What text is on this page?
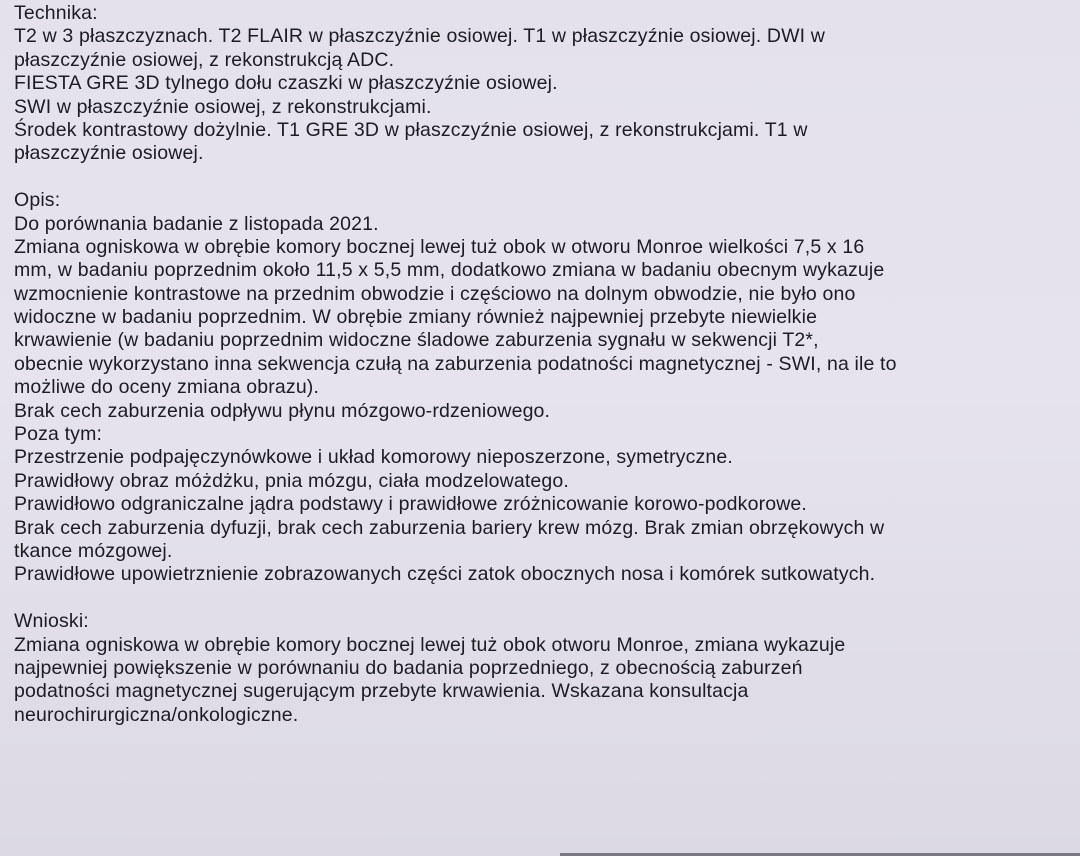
Technika:
T2 w 3 płaszczyznach. T2 FLAIR w płaszczyźnie osiowej. T1 w płaszczyźnie osiowej. DWI w
płaszczyźnie osiowej, z rekonstrukcją ADC.
FIESTA GRE 3D tylnego dołu czaszki w płaszczyźnie osiowej.
SWI w płaszczyźnie osiowej, z rekonstrukcjami.
Środek kontrastowy dożylnie. T1 GRE 3D w płaszczyźnie osiowej, z rekonstrukcjami. T1 w
płaszczyźnie osiowej.
Opis:
Do porównania badanie z listopada 2021.
Zmiana ogniskowa w obrębie komory bocznej lewej tuż obok w otworu Monroe wielkości 7,5 x 16
mm, w badaniu poprzednim około 11,5 x 5,5 mm, dodatkowo zmiana w badaniu obecnym wykazuje
wzmocnienie kontrastowe na przednim obwodzie i częściowo na dolnym obwodzie, nie było ono
widoczne w badaniu poprzednim. W obrębie zmiany również najpewniej przebyte niewielkie
krwawienie (w badaniu poprzednim widoczne śladowe zaburzenia sygnału w sekwencji T2*,
obecnie wykorzystano inna sekwencja czułą na zaburzenia podatności magnetycznej - SWI, na ile to
możliwe do oceny zmiana obrazu).
Brak cech zaburzenia odpływu płynu mózgowo-rdzeniowego.
Poza tym:
Przestrzenie podpajęczynówkowe i układ komorowy nieposzerzone, symetryczne.
Prawidłowy obraz móżdżku, pnia mózgu, ciała modzelowatego.
Prawidłowo odgraniczalne jądra podstawy i prawidłowe zróżnicowanie korowo-podkorowe.
Brak cech zaburzenia dyfuzji, brak cech zaburzenia bariery krew mózg. Brak zmian obrzękowych w
tkance mózgowej.
Prawidłowe upowietrznienie zobrazowanych części zatok obocznych nosa i komórek sutkowatych.
Wnioski:
Zmiana ogniskowa w obrębie komory bocznej lewej tuż obok otworu Monroe, zmiana wykazuje
najpewniej powiększenie w porównaniu do badania poprzedniego, z obecnością zaburzeń
podatności magnetycznej sugerującym przebyte krwawienia. Wskazana konsultacja
neurochirurgiczna/onkologiczne.
